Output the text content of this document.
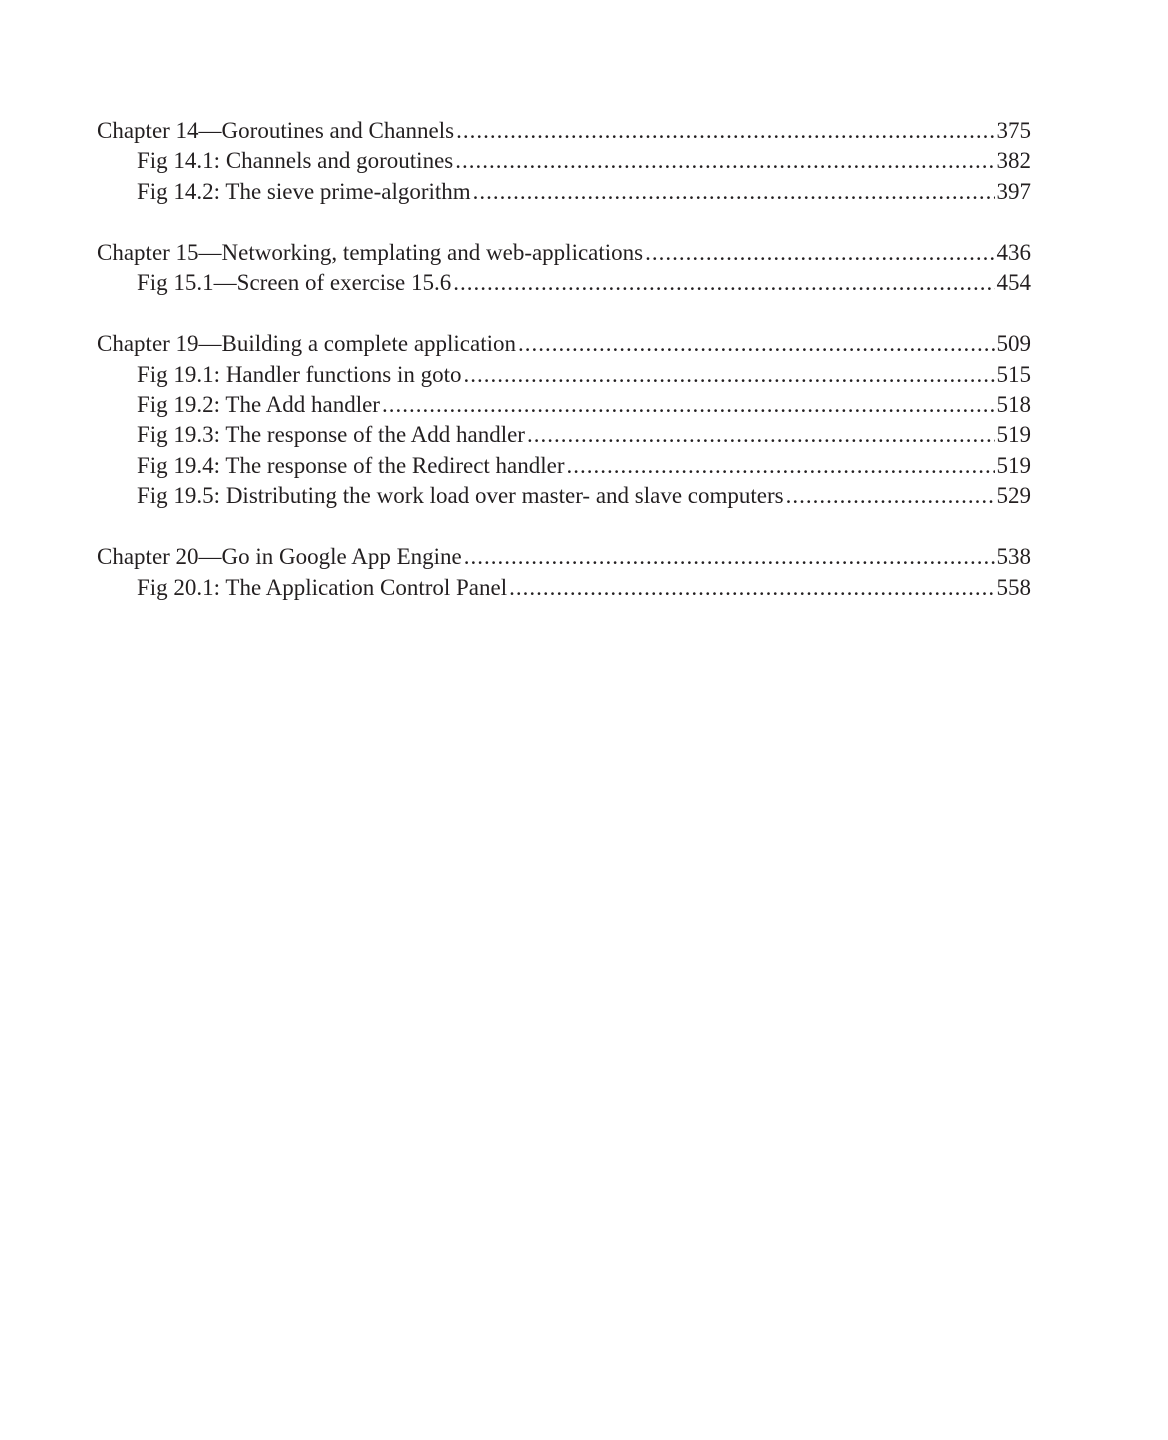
Chapter 14—Goroutines and Channels .....	375
Fig 14.1: Channels and goroutines .....	382
Fig 14.2: The sieve prime-algorithm .....	397
Chapter 15—Networking, templating and web-applications .....	436
Fig 15.1—Screen of exercise 15.6 .....	454
Chapter 19—Building a complete application .....	509
Fig 19.1: Handler functions in goto .....	515
Fig 19.2: The Add handler .....	518
Fig 19.3: The response of the Add handler .....	519
Fig 19.4: The response of the Redirect handler .....	519
Fig 19.5: Distributing the work load over master- and slave computers .....	529
Chapter 20—Go in Google App Engine .....	538
Fig 20.1: The Application Control Panel .....	558
